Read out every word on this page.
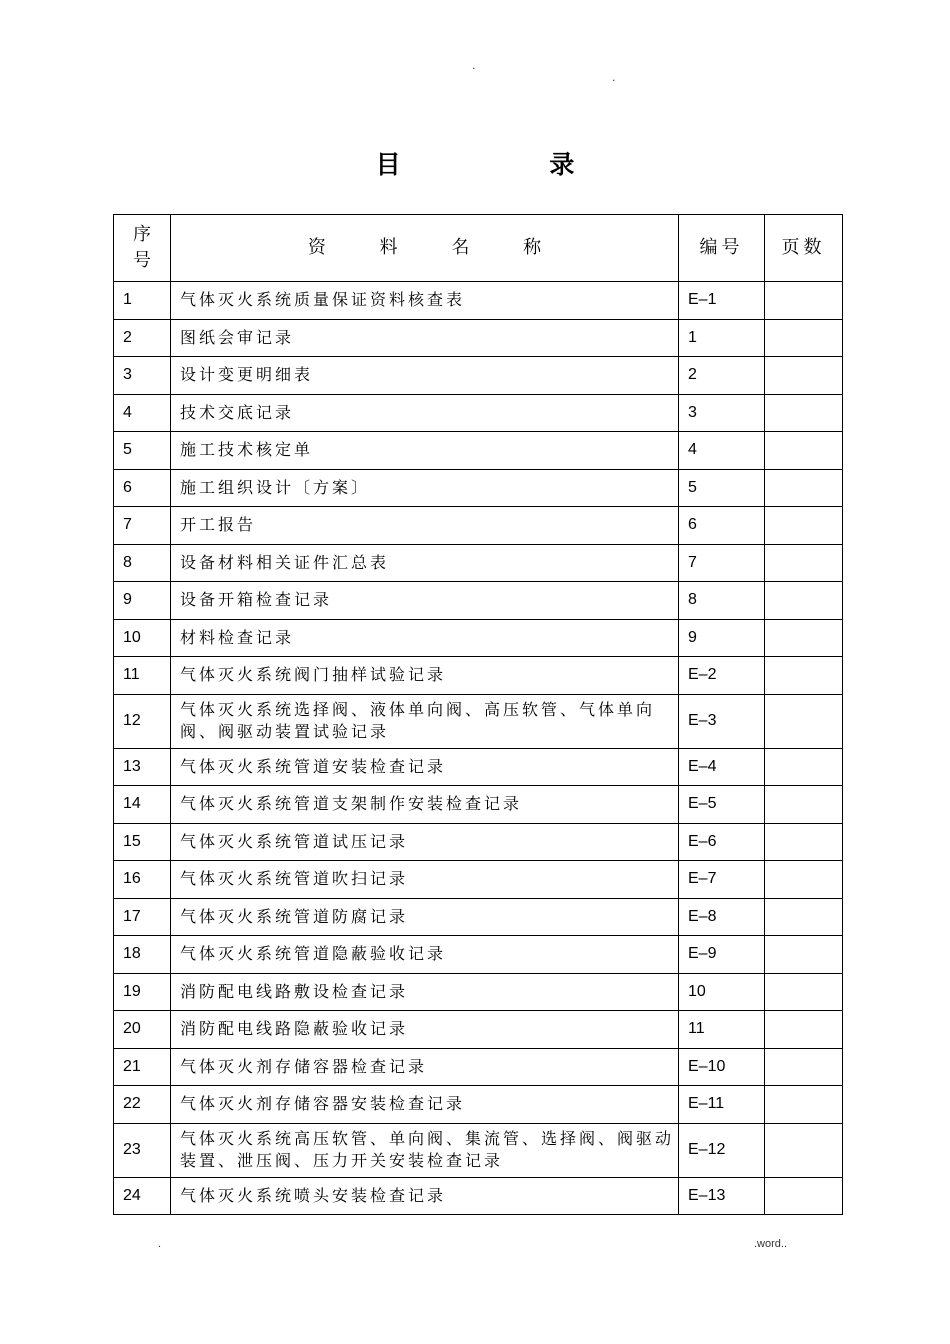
.
.
目 录
序号	资 料 名 称	编号	页数
1	气体灭火系统质量保证资料核查表	E–1	
2	图纸会审记录	1	
3	设计变更明细表	2	
4	技术交底记录	3	
5	施工技术核定单	4	
6	施工组织设计〔方案〕	5	
7	开工报告	6	
8	设备材料相关证件汇总表	7	
9	设备开箱检查记录	8	
10	材料检查记录	9	
11	气体灭火系统阀门抽样试验记录	E–2	
12	气体灭火系统选择阀、液体单向阀、高压软管、气体单向阀、阀驱动装置试验记录	E–3	
13	气体灭火系统管道安装检查记录	E–4	
14	气体灭火系统管道支架制作安装检查记录	E–5	
15	气体灭火系统管道试压记录	E–6	
16	气体灭火系统管道吹扫记录	E–7	
17	气体灭火系统管道防腐记录	E–8	
18	气体灭火系统管道隐蔽验收记录	E–9	
19	消防配电线路敷设检查记录	10	
20	消防配电线路隐蔽验收记录	11	
21	气体灭火剂存储容器检查记录	E–10	
22	气体灭火剂存储容器安装检查记录	E–11	
23	气体灭火系统高压软管、单向阀、集流管、选择阀、阀驱动装置、泄压阀、压力开关安装检查记录	E–12	
24	气体灭火系统喷头安装检查记录	E–13	
.	.word..
